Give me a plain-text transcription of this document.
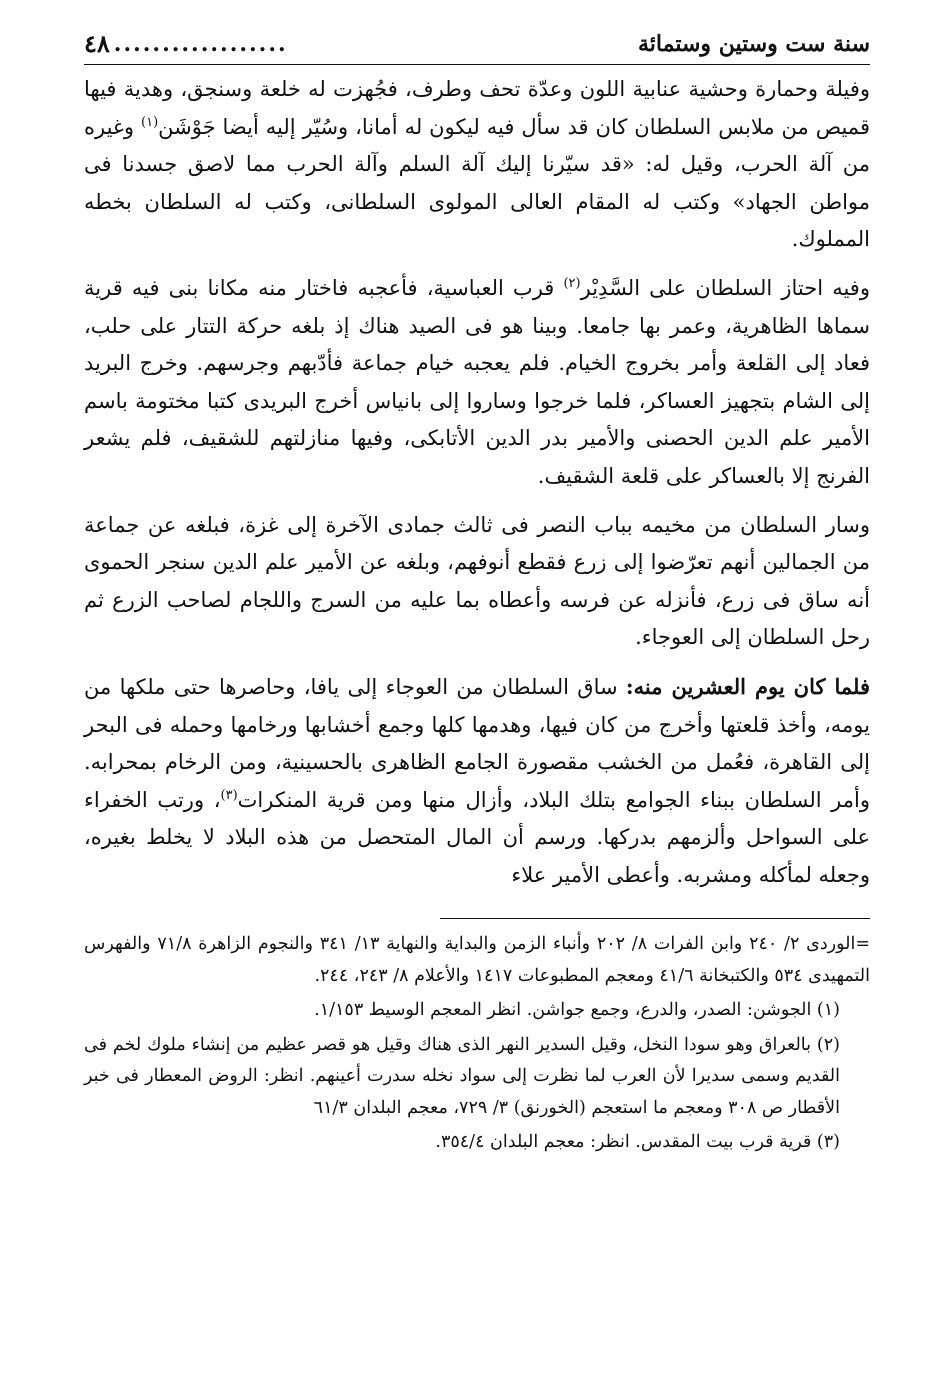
سنة ست وستين وستمائة
..................
٤٨

وفيلة وحمارة وحشية عنابية اللون وعدّة تحف وطرف، فجُهزت له خلعة وسنجق، وهدية فيها قميص من ملابس السلطان كان قد سأل فيه ليكون له أمانا، وسُيّر إليه أيضا جَوْشَن$^{(١)}$ وغيره من آلة الحرب، وقيل له: «قد سيّرنا إليك آلة السلم وآلة الحرب مما لاصق جسدنا فى مواطن الجهاد» وكتب له المقام العالى المولوى السلطانى، وكتب له السلطان بخطه المملوك.

وفيه احتاز السلطان على السَّدِيْر$^{(٢)}$ قرب العباسية، فأعجبه فاختار منه مكانا بنى فيه قرية سماها الظاهرية، وعمر بها جامعا. وبينا هو فى الصيد هناك إذ بلغه حركة التتار على حلب، فعاد إلى القلعة وأمر بخروج الخيام. فلم يعجبه خيام جماعة فأدّبهم وجرسهم. وخرج البريد إلى الشام بتجهيز العساكر، فلما خرجوا وساروا إلى بانياس أخرج البريدى كتبا مختومة باسم الأمير علم الدين الحصنى والأمير بدر الدين الأتابكى، وفيها منازلتهم للشقيف، فلم يشعر الفرنج إلا بالعساكر على قلعة الشقيف.

وسار السلطان من مخيمه بباب النصر فى ثالث جمادى الآخرة إلى غزة، فبلغه عن جماعة من الجمالين أنهم تعرّضوا إلى زرع فقطع أنوفهم، وبلغه عن الأمير علم الدين سنجر الحموى أنه ساق فى زرع، فأنزله عن فرسه وأعطاه بما عليه من السرج واللجام لصاحب الزرع ثم رحل السلطان إلى العوجاء.

فلما كان يوم العشرين منه: ساق السلطان من العوجاء إلى يافا، وحاصرها حتى ملكها من يومه، وأخذ قلعتها وأخرج من كان فيها، وهدمها كلها وجمع أخشابها ورخامها وحمله فى البحر إلى القاهرة، فعُمل من الخشب مقصورة الجامع الظاهرى بالحسينية، ومن الرخام بمحرابه. وأمر السلطان ببناء الجوامع بتلك البلاد، وأزال منها ومن قرية المنكرات$^{(٣)}$، ورتب الخفراء على السواحل وألزمهم بدركها. ورسم أن المال المتحصل من هذه البلاد لا يخلط بغيره، وجعله لمأكله ومشربه. وأعطى الأمير علاء

=الوردى ٢/ ٢٤٠ وابن الفرات ٨/ ٢٠٢ وأنباء الزمن والبداية والنهاية ١٣/ ٣٤١ والنجوم الزاهرة ٧١/٨ والفهرس التمهيدى ٥٣٤ والكتبخانة ٤١/٦ ومعجم المطبوعات ١٤١٧ والأعلام ٨/ ٢٤٣، ٢٤٤.

(١) الجوشن: الصدر، والدرع، وجمع جواشن. انظر المعجم الوسيط ١/١٥٣.

(٢) بالعراق وهو سودا النخل، وقيل السدير النهر الذى هناك وقيل هو قصر عظيم من إنشاء ملوك لخم فى القديم وسمى سديرا لأن العرب لما نظرت إلى سواد نخله سدرت أعينهم. انظر: الروض المعطار فى خبر الأقطار ص ٣٠٨ ومعجم ما استعجم (الخورنق) ٣/ ٧٢٩، معجم البلدان ٦١/٣

(٣) قرية قرب بيت المقدس. انظر: معجم البلدان ٣٥٤/٤.
